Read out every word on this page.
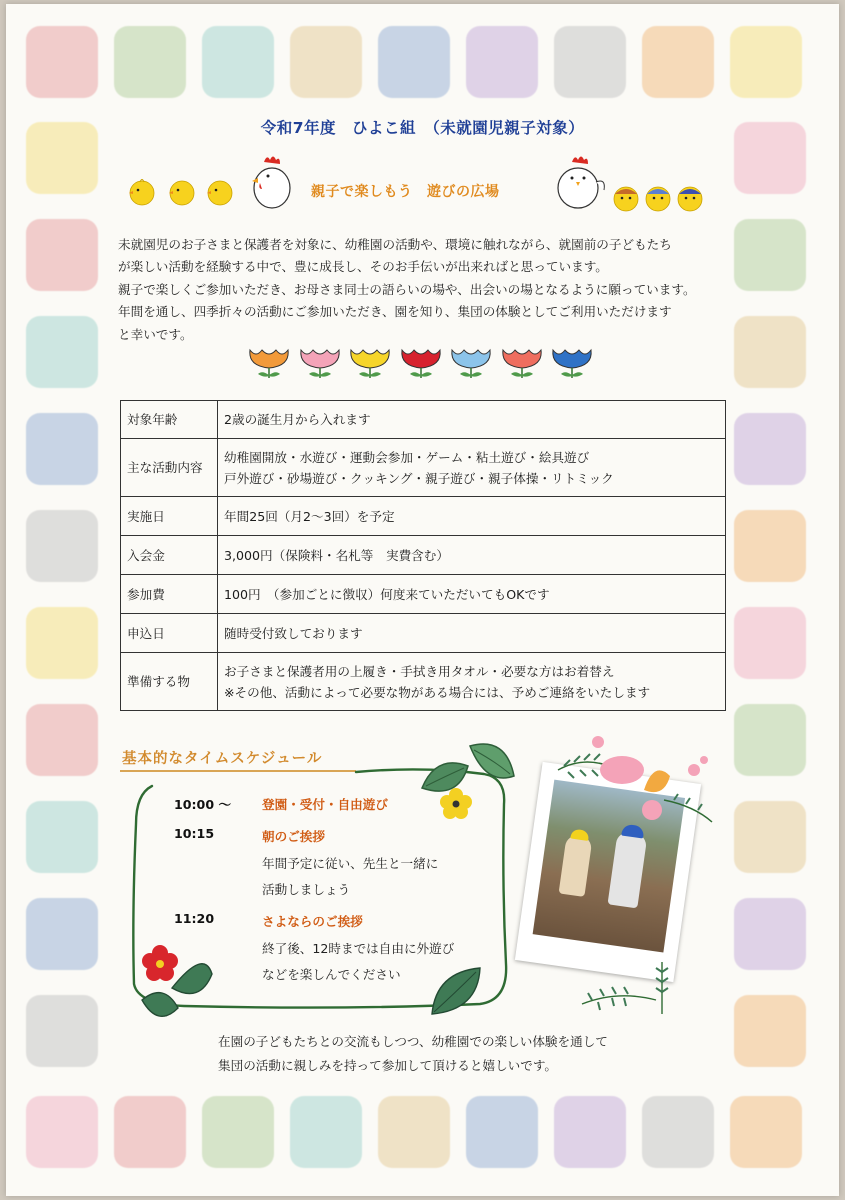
令和7年度　ひよこ組　（未就園児親子対象）
親子で楽しもう　遊びの広場
未就園児のお子さまと保護者を対象に、幼稚園の活動や、環境に触れながら、就園前の子どもたち
が楽しい活動を経験する中で、豊に成長し、そのお手伝いが出来ればと思っています。
親子で楽しくご参加いただき、お母さま同士の語らいの場や、出会いの場となるように願っています。
年間を通し、四季折々の活動にご参加いただき、園を知り、集団の体験としてご利用いただけます
と幸いです。
対象年齢	2歳の誕生月から入れます
主な活動内容	幼稚園開放・水遊び・運動会参加・ゲーム・粘土遊び・絵具遊び
戸外遊び・砂場遊び・クッキング・親子遊び・親子体操・リトミック
実施日	年間25回（月2～3回）を予定
入会金	3,000円（保険料・名札等　実費含む）
参加費	100円　（参加ごとに徴収）何度来ていただいてもOKです
申込日	随時受付致しております
準備する物	お子さまと保護者用の上履き・手拭き用タオル・必要な方はお着替え
※その他、活動によって必要な物がある場合には、予めご連絡をいたします
基本的なタイムスケジュール
10:00 ～ 登園・受付・自由遊び
10:15	朝のご挨拶
年間予定に従い、先生と一緒に
活動しましょう
11:20	さよならのご挨拶
終了後、12時までは自由に外遊び
などを楽しんでください
在園の子どもたちとの交流もしつつ、幼稚園での楽しい体験を通して
集団の活動に親しみを持って参加して頂けると嬉しいです。
